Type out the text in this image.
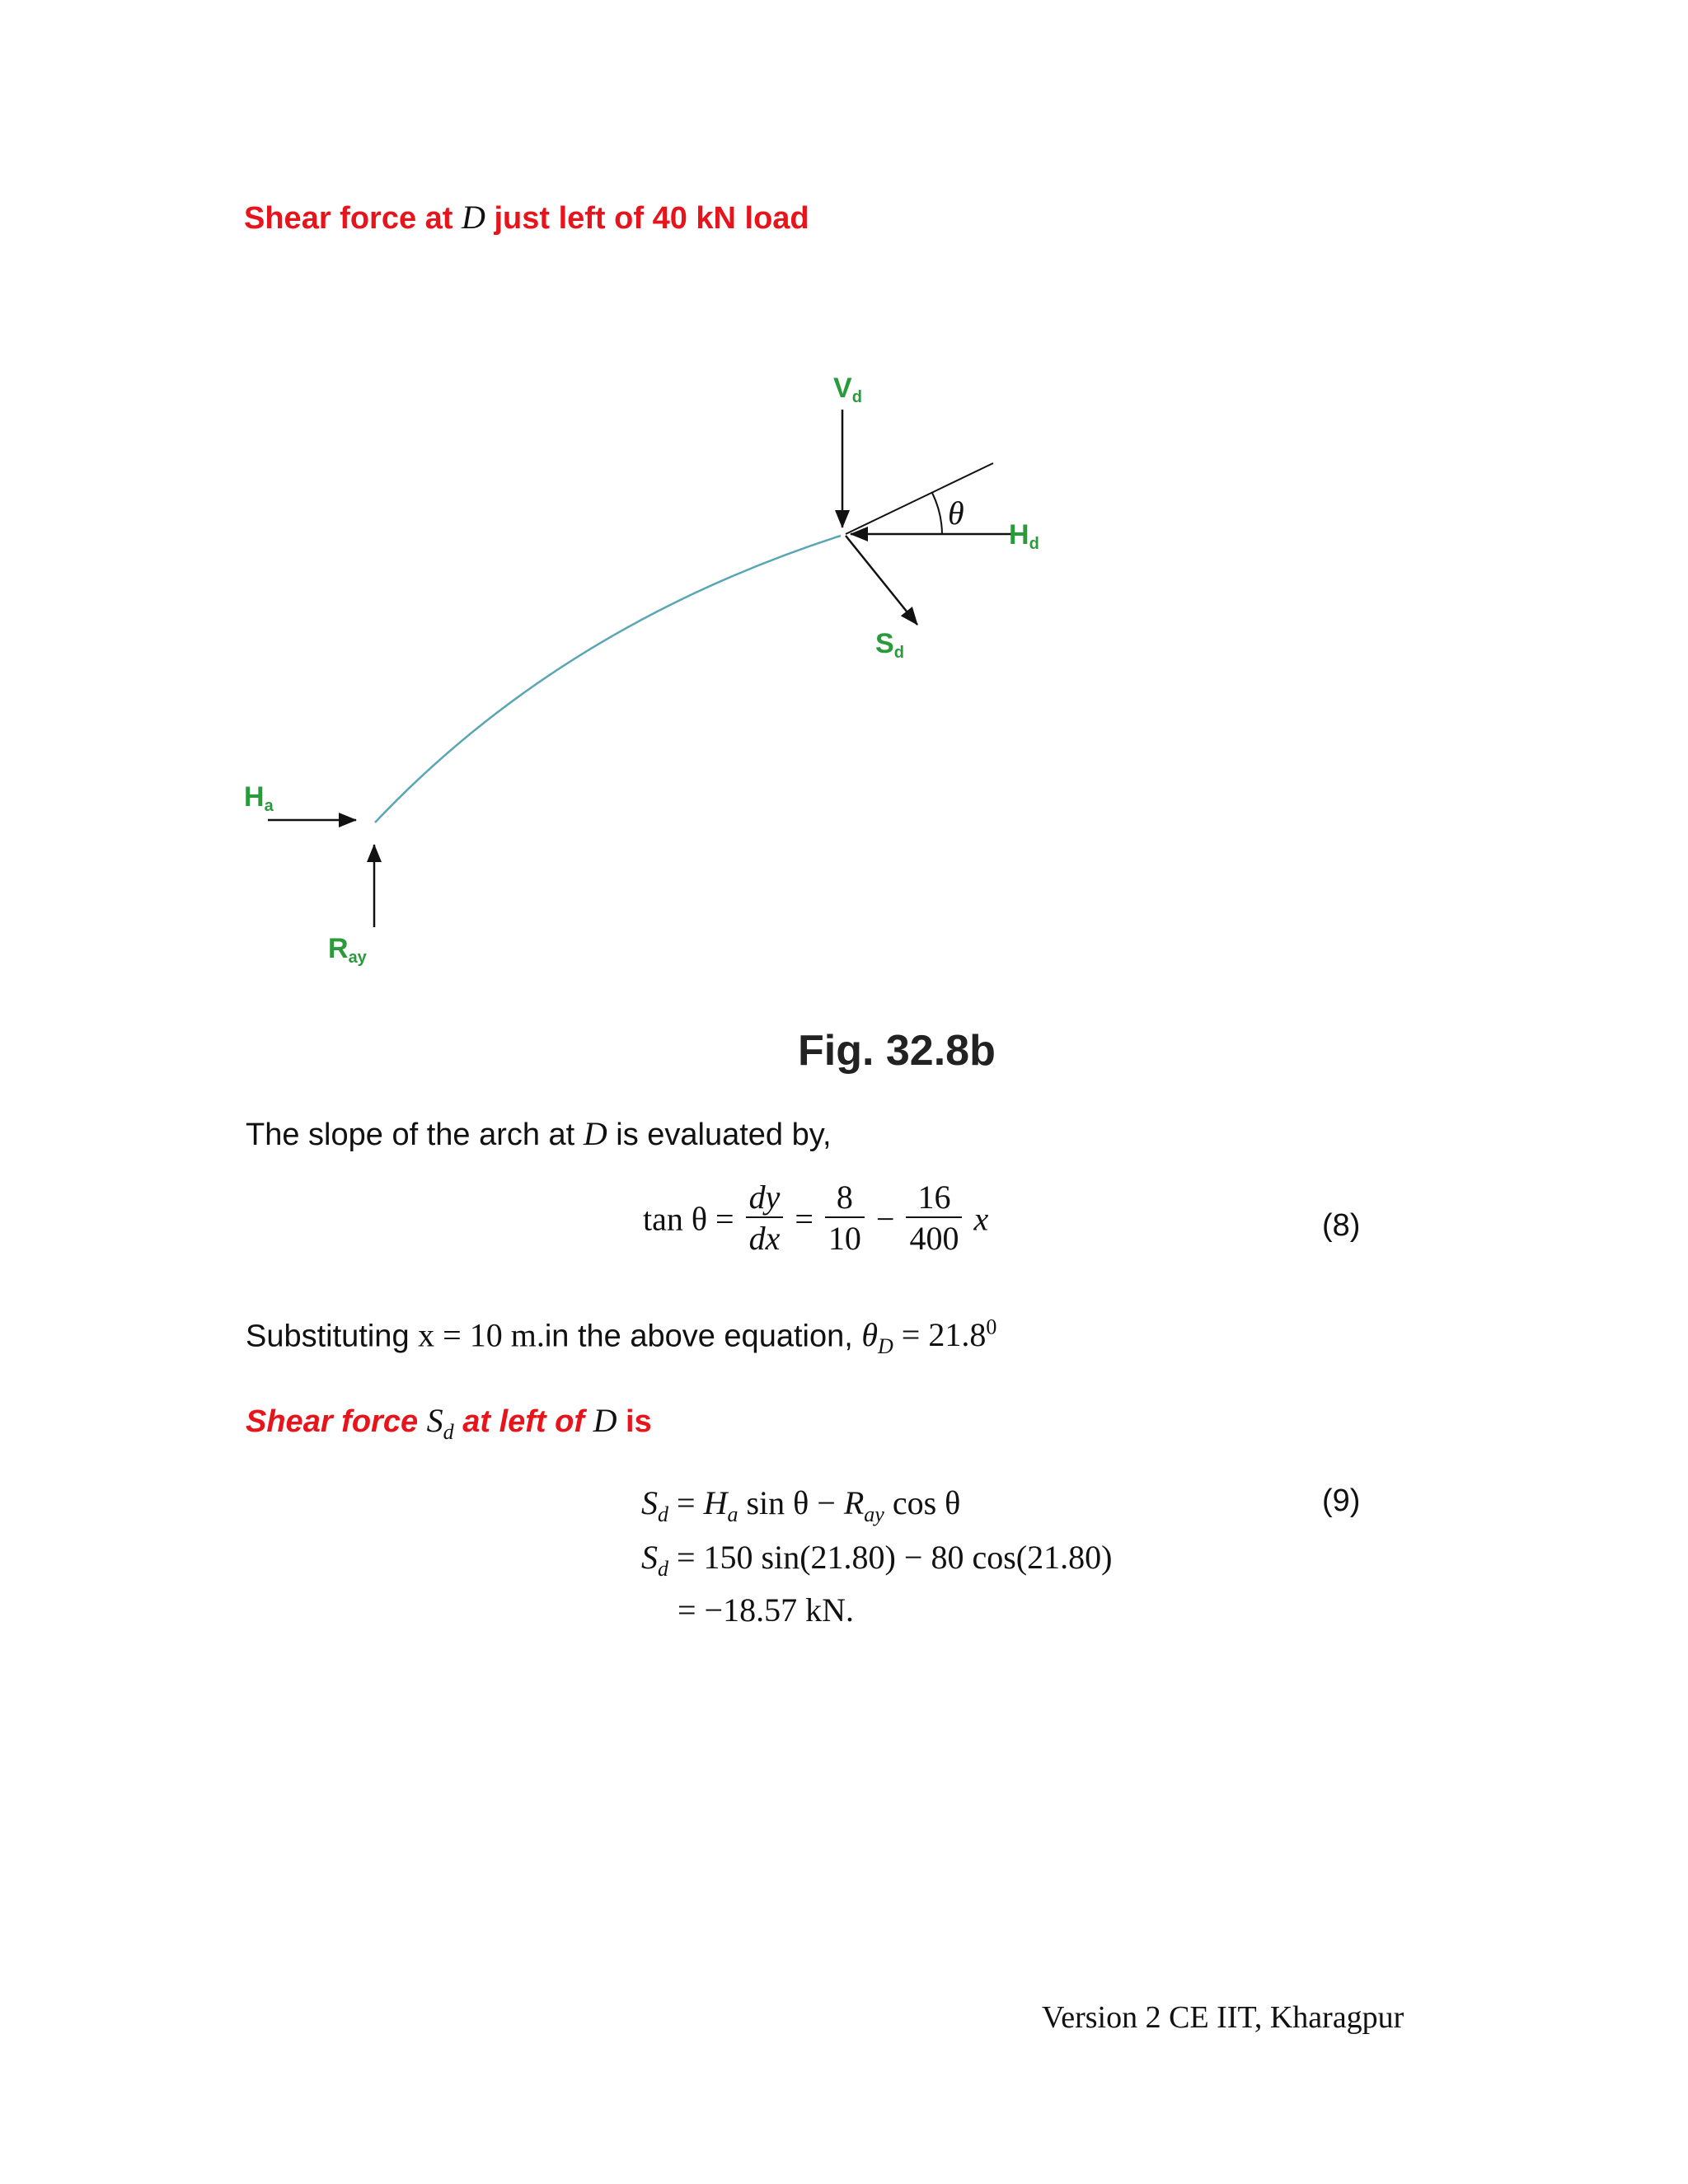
Shear force at D just left of 40 kN load
Vd
Hd
Sd
Ha
Ray
θ
Fig. 32.8b
The slope of the arch at D is evaluated by,
$\tan \theta = \frac{dy}{dx} = \frac{8}{10} - \frac{16}{400}$ x	(8)
Substituting x = 10 m.in the above equation, $\theta_D = 21.8^0$
Shear force $S_d$ at left of D is
$S_d = H_a$ $\sin \theta - R_{ay}$ cos θ	(9)
$S_d = 150$ sin(21.80) − 80 cos(21.80)
= −18.57 kN.
Version 2 CE IIT, Kharagpur
